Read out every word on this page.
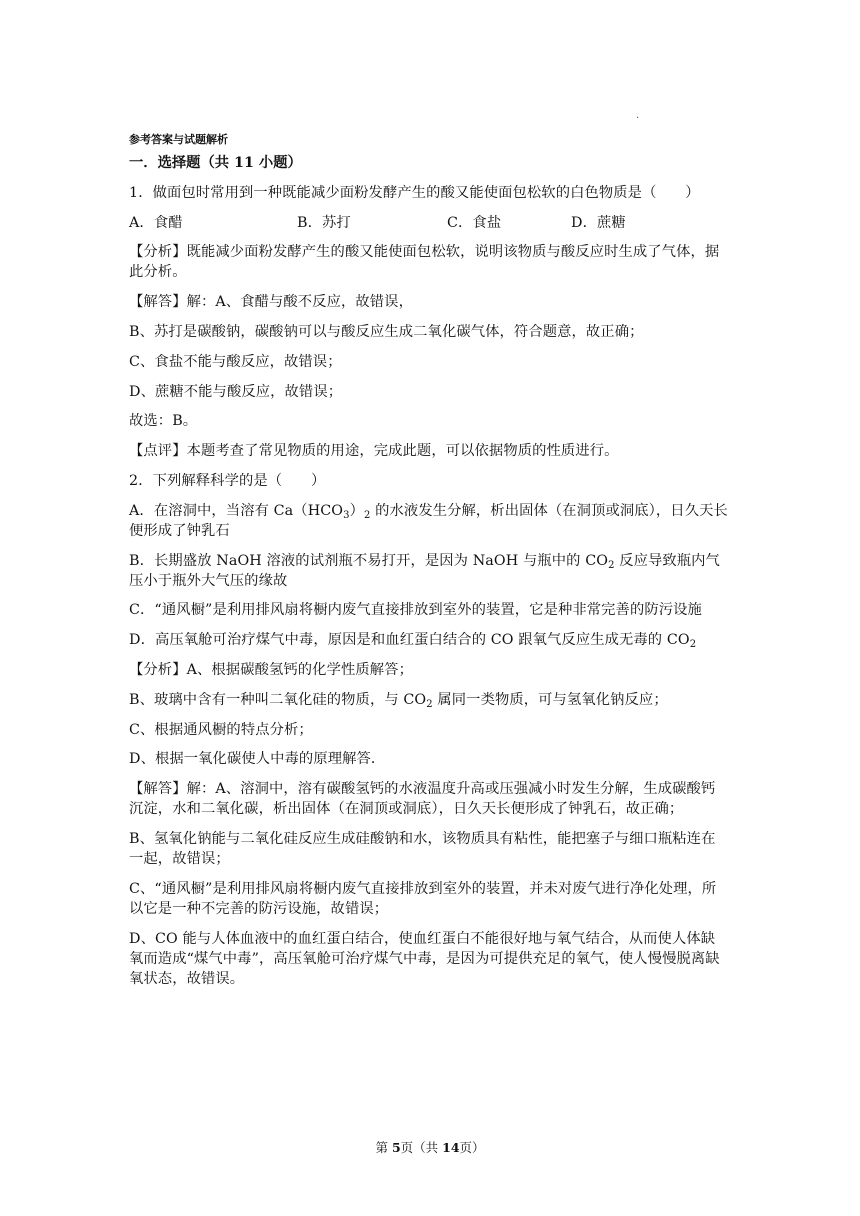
.
参考答案与试题解析
一．选择题（共 11 小题）
1．做面包时常用到一种既能减少面粉发酵产生的酸又能使面包松软的白色物质是（　　）
A．食醋	B．苏打	C．食盐	D．蔗糖
【分析】既能减少面粉发酵产生的酸又能使面包松软，说明该物质与酸反应时生成了气体，据此分析。
【解答】解：A、食醋与酸不反应，故错误，
B、苏打是碳酸钠，碳酸钠可以与酸反应生成二氧化碳气体，符合题意，故正确；
C、食盐不能与酸反应，故错误；
D、蔗糖不能与酸反应，故错误；
故选：B。
【点评】本题考查了常见物质的用途，完成此题，可以依据物质的性质进行。
2．下列解释科学的是（　　）
A．在溶洞中，当溶有 $Ca(HCO_3)_2$ 的水液发生分解，析出固体（在洞顶或洞底），日久天长便形成了钟乳石
B．长期盛放 NaOH 溶液的试剂瓶不易打开，是因为 NaOH 与瓶中的 $CO_2$ 反应导致瓶内气压小于瓶外大气压的缘故
C．“通风橱”是利用排风扇将橱内废气直接排放到室外的装置，它是种非常完善的防污设施
D．高压氧舱可治疗煤气中毒，原因是和血红蛋白结合的 CO 跟氧气反应生成无毒的 $CO_2$
【分析】A、根据碳酸氢钙的化学性质解答；
B、玻璃中含有一种叫二氧化硅的物质，与 $CO_2$ 属同一类物质，可与氢氧化钠反应；
C、根据通风橱的特点分析；
D、根据一氧化碳使人中毒的原理解答．
【解答】解：A、溶洞中，溶有碳酸氢钙的水液温度升高或压强减小时发生分解，生成碳酸钙沉淀，水和二氧化碳，析出固体（在洞顶或洞底），日久天长便形成了钟乳石，故正确；
B、氢氧化钠能与二氧化硅反应生成硅酸钠和水，该物质具有粘性，能把塞子与细口瓶粘连在一起，故错误；
C、“通风橱”是利用排风扇将橱内废气直接排放到室外的装置，并未对废气进行净化处理，所以它是一种不完善的防污设施，故错误；
D、CO 能与人体血液中的血红蛋白结合，使血红蛋白不能很好地与氧气结合，从而使人体缺氧而造成“煤气中毒”，高压氧舱可治疗煤气中毒，是因为可提供充足的氧气，使人慢慢脱离缺氧状态，故错误。
第 5页（共 14页）
